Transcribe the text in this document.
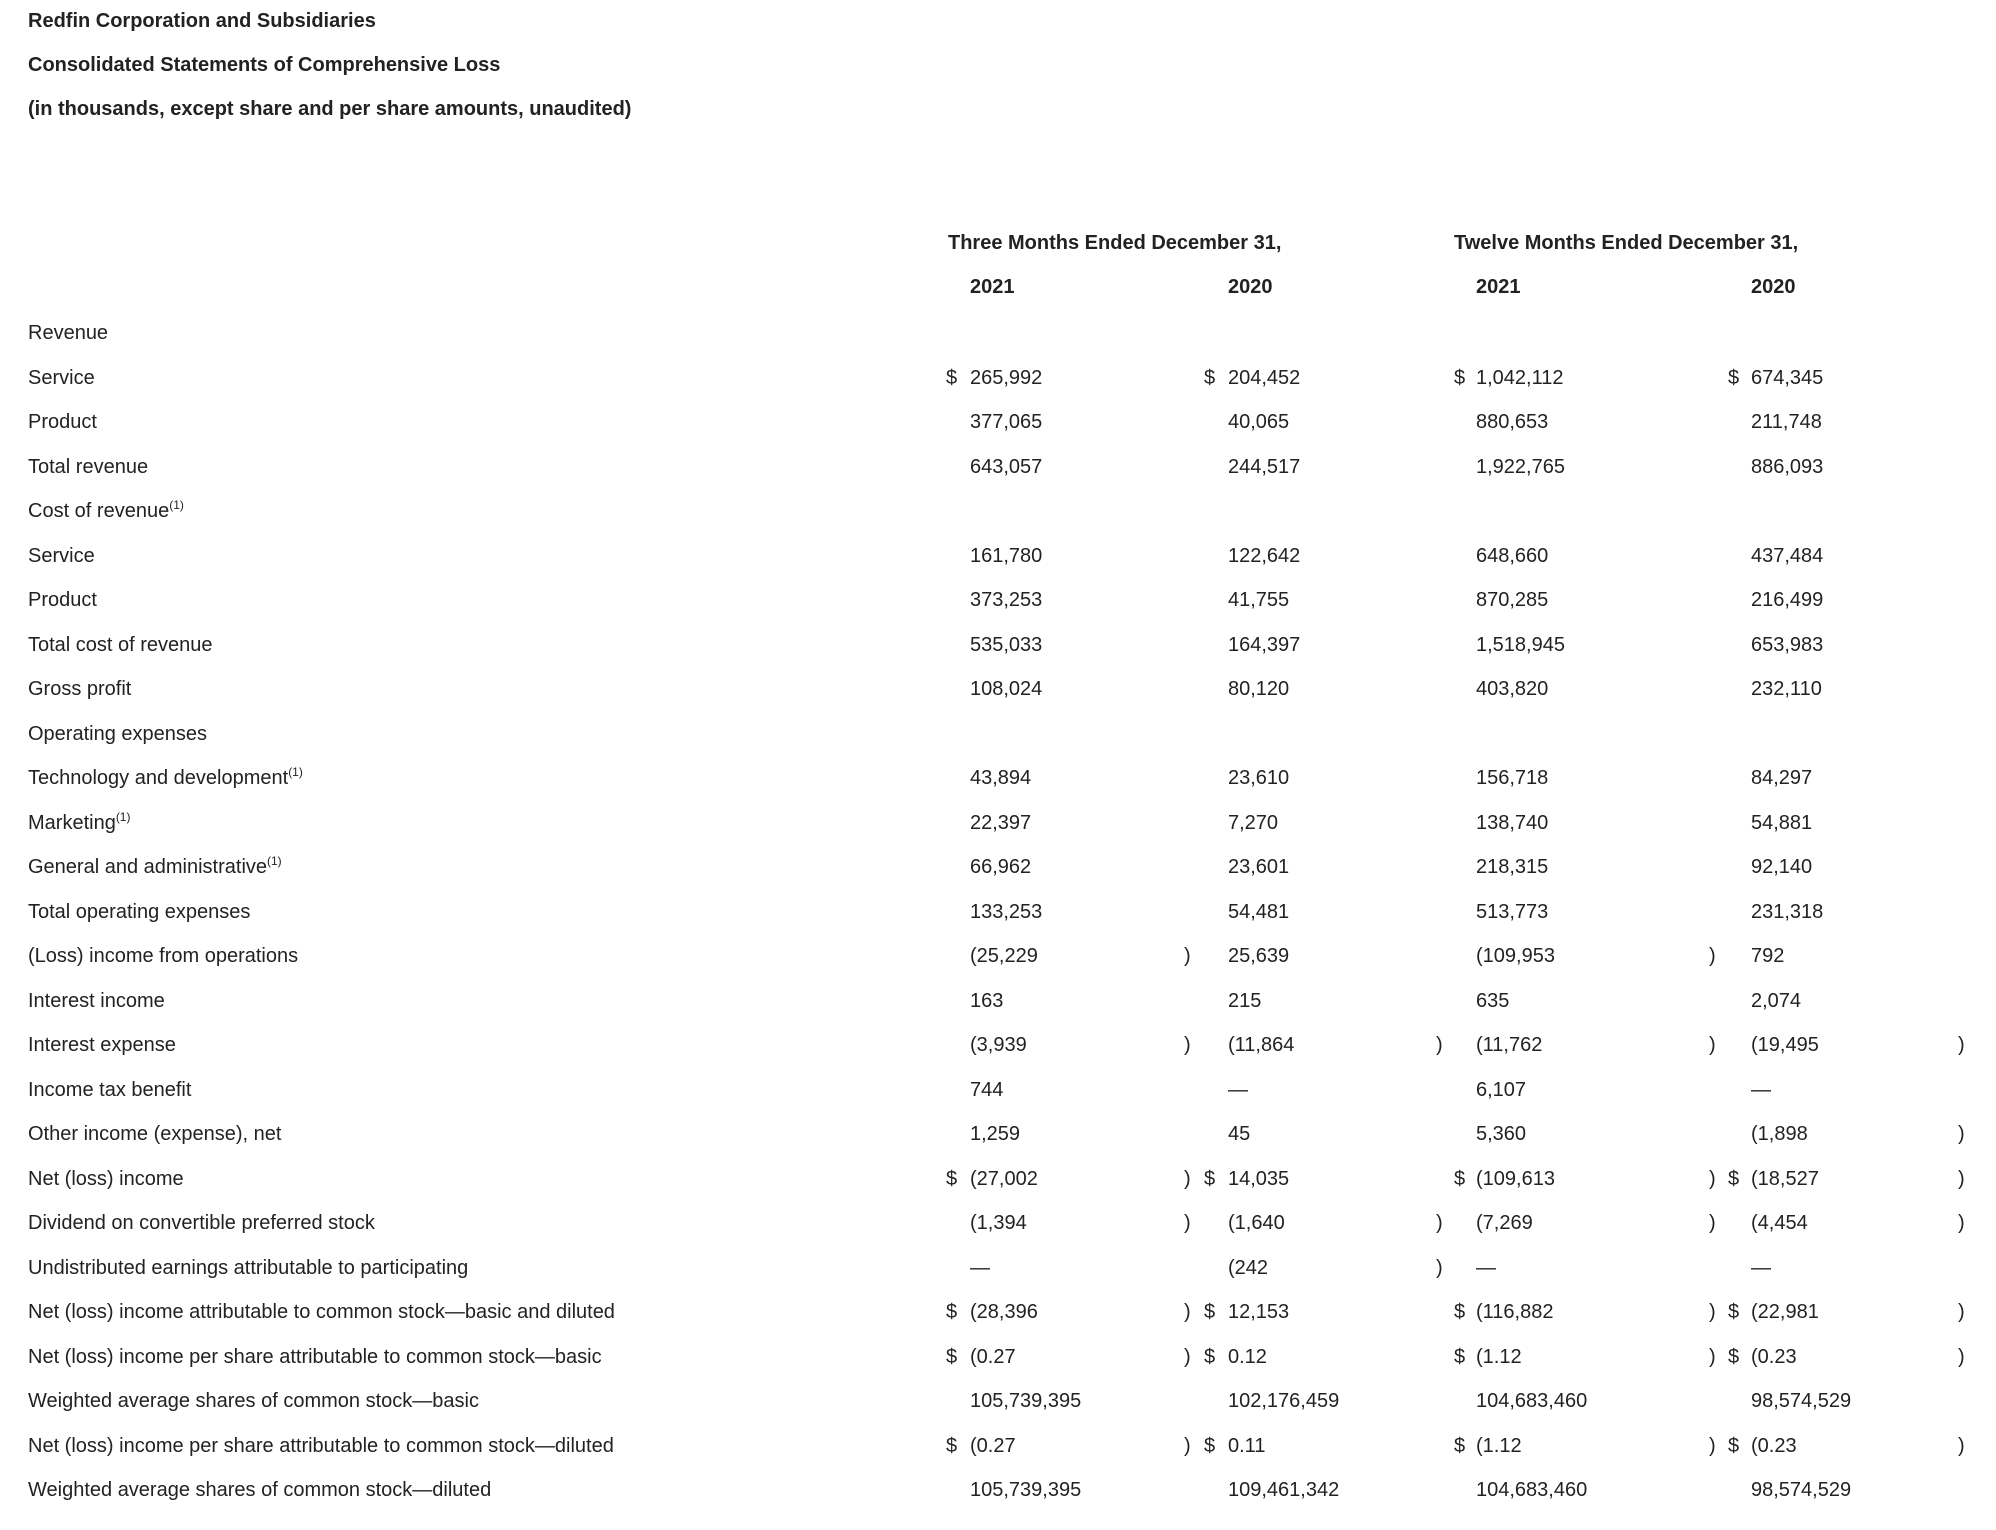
Redfin Corporation and Subsidiaries
Consolidated Statements of Comprehensive Loss
(in thousands, except share and per share amounts, unaudited)
Three Months Ended December 31,	Twelve Months Ended December 31,
2021	2020	2021	2020
Revenue
Service	$ 265,992	$ 204,452	$ 1,042,112	$ 674,345
Product	377,065	40,065	880,653	211,748
Total revenue	643,057	244,517	1,922,765	886,093
Cost of revenue$^{(1)}$
Service	161,780	122,642	648,660	437,484
Product	373,253	41,755	870,285	216,499
Total cost of revenue	535,033	164,397	1,518,945	653,983
Gross profit	108,024	80,120	403,820	232,110
Operating expenses
Technology and development$^{(1)}$	43,894	23,610	156,718	84,297
Marketing$^{(1)}$	22,397	7,270	138,740	54,881
General and administrative$^{(1)}$	66,962	23,601	218,315	92,140
Total operating expenses	133,253	54,481	513,773	231,318
(Loss) income from operations	(25,229	) 25,639	(109,953	) 792
Interest income	163	215	635	2,074
Interest expense	(3,939	) (11,864	) (11,762	) (19,495	)
Income tax benefit	744	—	6,107	—
Other income (expense), net	1,259	45	5,360	(1,898	)
Net (loss) income	$ (27,002	) $ 14,035	$ (109,613	) $ (18,527	)
Dividend on convertible preferred stock	(1,394	) (1,640	) (7,269	) (4,454	)
Undistributed earnings attributable to participating	—	(242	) —	—
Net (loss) income attributable to common stock—basic and diluted	$ (28,396	) $ 12,153	$ (116,882	) $ (22,981	)
Net (loss) income per share attributable to common stock—basic	$ (0.27	) $ 0.12	$ (1.12	) $ (0.23	)
Weighted average shares of common stock—basic	105,739,395	102,176,459	104,683,460	98,574,529
Net (loss) income per share attributable to common stock—diluted	$ (0.27	) $ 0.11	$ (1.12	) $ (0.23	)
Weighted average shares of common stock—diluted	105,739,395	109,461,342	104,683,460	98,574,529
